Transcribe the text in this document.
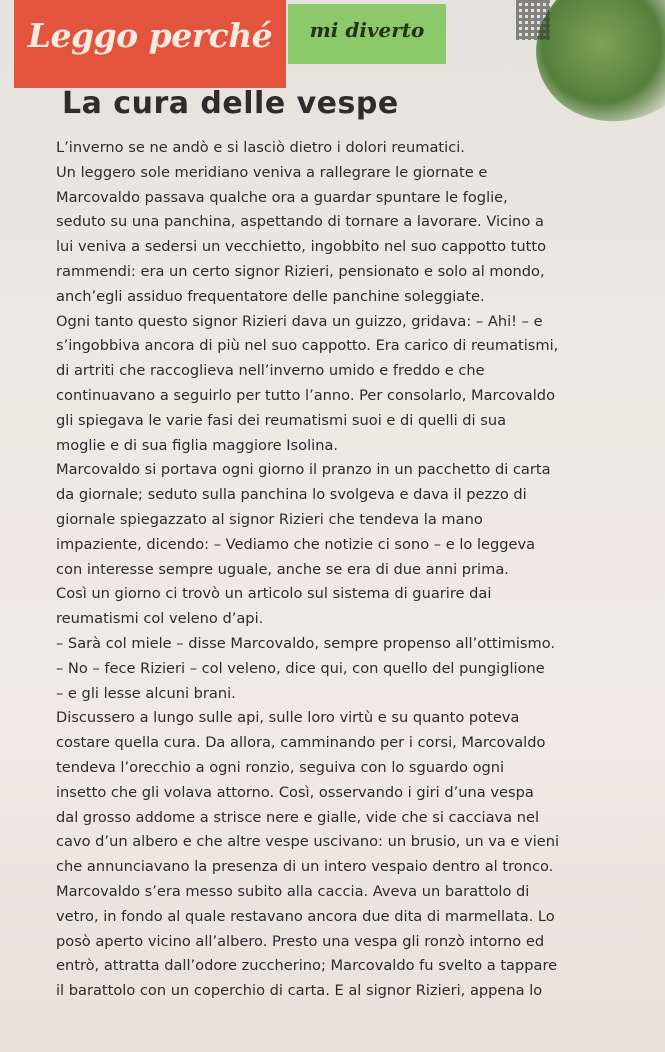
Leggo perché	mi diverto
La cura delle vespe
L’inverno se ne andò e si lasciò dietro i dolori reumatici.
Un leggero sole meridiano veniva a rallegrare le giornate e
Marcovaldo passava qualche ora a guardar spuntare le foglie,
seduto su una panchina, aspettando di tornare a lavorare. Vicino a
lui veniva a sedersi un vecchietto, ingobbito nel suo cappotto tutto
rammendi: era un certo signor Rizieri, pensionato e solo al mondo,
anch’egli assiduo frequentatore delle panchine soleggiate.
Ogni tanto questo signor Rizieri dava un guizzo, gridava: – Ahi! – e
s’ingobbiva ancora di più nel suo cappotto. Era carico di reumatismi,
di artriti che raccoglieva nell’inverno umido e freddo e che
continuavano a seguirlo per tutto l’anno. Per consolarlo, Marcovaldo
gli spiegava le varie fasi dei reumatismi suoi e di quelli di sua
moglie e di sua figlia maggiore Isolina.
Marcovaldo si portava ogni giorno il pranzo in un pacchetto di carta
da giornale; seduto sulla panchina lo svolgeva e dava il pezzo di
giornale spiegazzato al signor Rizieri che tendeva la mano
impaziente, dicendo: – Vediamo che notizie ci sono – e lo leggeva
con interesse sempre uguale, anche se era di due anni prima.
Così un giorno ci trovò un articolo sul sistema di guarire dai
reumatismi col veleno d’api.
– Sarà col miele – disse Marcovaldo, sempre propenso all’ottimismo.
– No – fece Rizieri – col veleno, dice qui, con quello del pungiglione
– e gli lesse alcuni brani.
Discussero a lungo sulle api, sulle loro virtù e su quanto poteva
costare quella cura. Da allora, camminando per i corsi, Marcovaldo
tendeva l’orecchio a ogni ronzio, seguiva con lo sguardo ogni
insetto che gli volava attorno. Così, osservando i giri d’una vespa
dal grosso addome a strisce nere e gialle, vide che si cacciava nel
cavo d’un albero e che altre vespe uscivano: un brusio, un va e vieni
che annunciavano la presenza di un intero vespaio dentro al tronco.
Marcovaldo s’era messo subito alla caccia. Aveva un barattolo di
vetro, in fondo al quale restavano ancora due dita di marmellata. Lo
posò aperto vicino all’albero. Presto una vespa gli ronzò intorno ed
entrò, attratta dall’odore zuccherino; Marcovaldo fu svelto a tappare
il barattolo con un coperchio di carta. E al signor Rizieri, appena lo
